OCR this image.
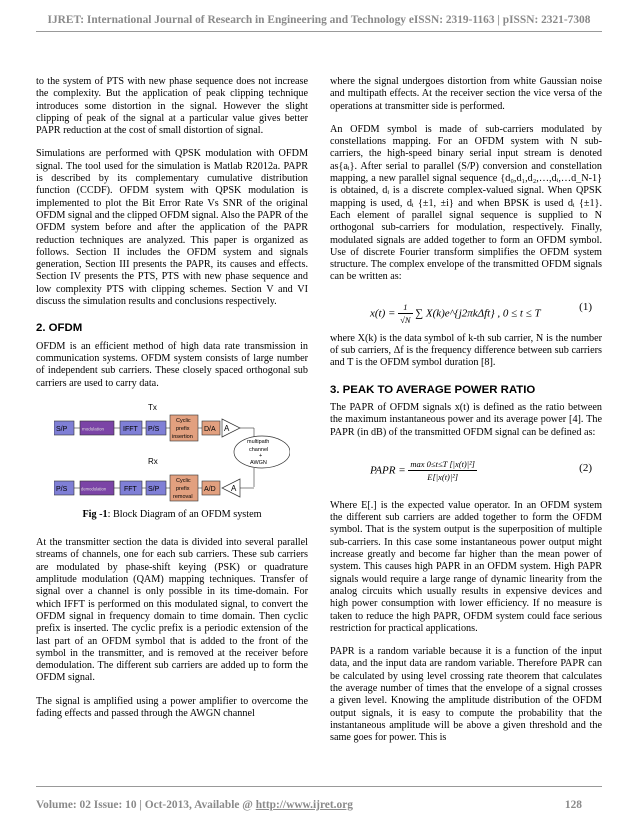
IJRET: International Journal of Research in Engineering and Technology eISSN: 2319-1163 | pISSN: 2321-7308

to the system of PTS with new phase sequence does not increase the complexity. But the application of peak clipping technique introduces some distortion in the signal. However the slight clipping of peak of the signal at a particular value gives better PAPR reduction at the cost of small distortion of signal.

Simulations are performed with QPSK modulation with OFDM signal. The tool used for the simulation is Matlab R2012a. PAPR is described by its complementary cumulative distribution function (CCDF). OFDM system with QPSK modulation is implemented to plot the Bit Error Rate Vs SNR of the original OFDM signal and the clipped OFDM signal. Also the PAPR of the OFDM system before and after the application of the PAPR reduction techniques are analyzed. This paper is organized as follows. Section II includes the OFDM system and signals generation, Section III presents the PAPR, its causes and effects. Section IV presents the PTS, PTS with new phase sequence and low complexity PTS with clipping schemes. Section V and VI discuss the simulation results and conclusions respectively.

2. OFDM

OFDM is an efficient method of high data rate transmission in communication systems. OFDM system consists of large number of independent sub carriers. These closely spaced orthogonal sub carriers are used to carry data.

Tx
S/P	modulation	IFFT P/S
Cyclic
prefix
insertion
D/A A
multipath
channel
+
AWGN
Rx
P/S	demodulation	FFT S/P
Cyclic
prefix
removal
A/D A
Fig -1: Block Diagram of an OFDM system

At the transmitter section the data is divided into several parallel streams of channels, one for each sub carriers. These sub carriers are modulated by phase-shift keying (PSK) or quadrature amplitude modulation (QAM) mapping techniques. Transfer of signal over a channel is only possible in its time-domain. For which IFFT is performed on this modulated signal, to convert the OFDM signal in frequency domain to time domain. Then cyclic prefix is inserted. The cyclic prefix is a periodic extension of the last part of an OFDM symbol that is added to the front of the symbol in the transmitter, and is removed at the receiver before demodulation. The different sub carriers are added up to form the OFDM signal.

The signal is amplified using a power amplifier to overcome the fading effects and passed through the AWGN channel

where the signal undergoes distortion from white Gaussian noise and multipath effects. At the receiver section the vice versa of the operations at transmitter side is performed.

An OFDM symbol is made of sub-carriers modulated by constellations mapping. For an OFDM system with N sub-carriers, the high-speed binary serial input stream is denoted as{aᵢ}. After serial to parallel (S/P) conversion and constellation mapping, a new parallel signal sequence {d₀,d₁,d₂,…,dᵢ,…d_N-1} is obtained, dᵢ is a discrete complex-valued signal. When QPSK mapping is used, dᵢ {±1, ±i} and when BPSK is used dᵢ {±1}. Each element of parallel signal sequence is supplied to N orthogonal sub-carriers for modulation, respectively. Finally, modulated signals are added together to form an OFDM symbol. Use of discrete Fourier transform simplifies the OFDM system structure. The complex envelope of the transmitted OFDM signals can be written as:

$x(t) = \frac{1}{√N}$ ∑ X(k)e^{j2πkΔft} , 0 ≤ t ≤ T
(1)

where X(k) is the data symbol of k-th sub carrier, N is the number of sub carriers, Δf is the frequency difference between sub carriers and T is the OFDM symbol duration [8].

3. PEAK TO AVERAGE POWER RATIO

The PAPR of OFDM signals x(t) is defined as the ratio between the maximum instantaneous power and its average power [4]. The PAPR (in dB) of the transmitted OFDM signal can be defined as:

PAPR = $\frac{\text{max 0≤t≤T [|x(t)|²]}}{\text{E[|x(t)|²]}}$	(2)

Where E[.] is the expected value operator. In an OFDM system the different sub carriers are added together to form the OFDM symbol. That is the system output is the superposition of multiple sub-carriers. In this case some instantaneous power output might increase greatly and become far higher than the mean power of system. This causes high PAPR in an OFDM system. High PAPR signals would require a large range of dynamic linearity from the analog circuits which usually results in expensive devices and high power consumption with lower efficiency. If no measure is taken to reduce the high PAPR, OFDM system could face serious restriction for practical applications.

PAPR is a random variable because it is a function of the input data, and the input data are random variable. Therefore PAPR can be calculated by using level crossing rate theorem that calculates the average number of times that the envelope of a signal crosses a given level. Knowing the amplitude distribution of the OFDM output signals, it is easy to compute the probability that the instantaneous amplitude will be above a given threshold and the same goes for power. This is

Volume: 02 Issue: 10 | Oct-2013, Available @ http://www.ijret.org	128
